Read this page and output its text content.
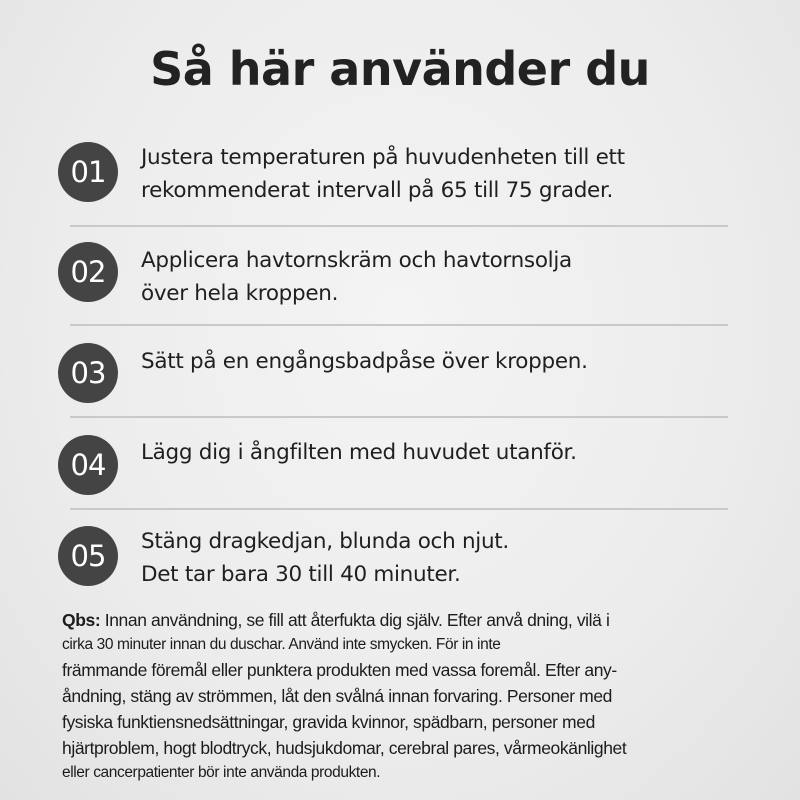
Så här använder du
01	Justera temperaturen på huvudenheten till ett
rekommenderat intervall på 65 till 75 grader.
02	Applicera havtornskräm och havtornsolja
över hela kroppen.
03	Sätt på en engångsbadpåse över kroppen.
04	Lägg dig i ångfilten med huvudet utanför.
05	Stäng dragkedjan, blunda och njut.
Det tar bara 30 till 40 minuter.
Qbs: Innan användning, se fill att återfukta dig själv. Efter anvå dning, vilä i
cirka 30 minuter innan du duschar. Använd inte smycken. För in inte
främmande föremål eller punktera produkten med vassa foremål. Efter any-
åndning, stäng av strömmen, låt den svålná innan forvaring. Personer med
fysiska funktiensnedsättningar, gravida kvinnor, spädbarn, personer med
hjärtproblem, hogt blodtryck, hudsjukdomar, cerebral pares, vårmeokänlighet
eller cancerpatienter bör inte använda produkten.
